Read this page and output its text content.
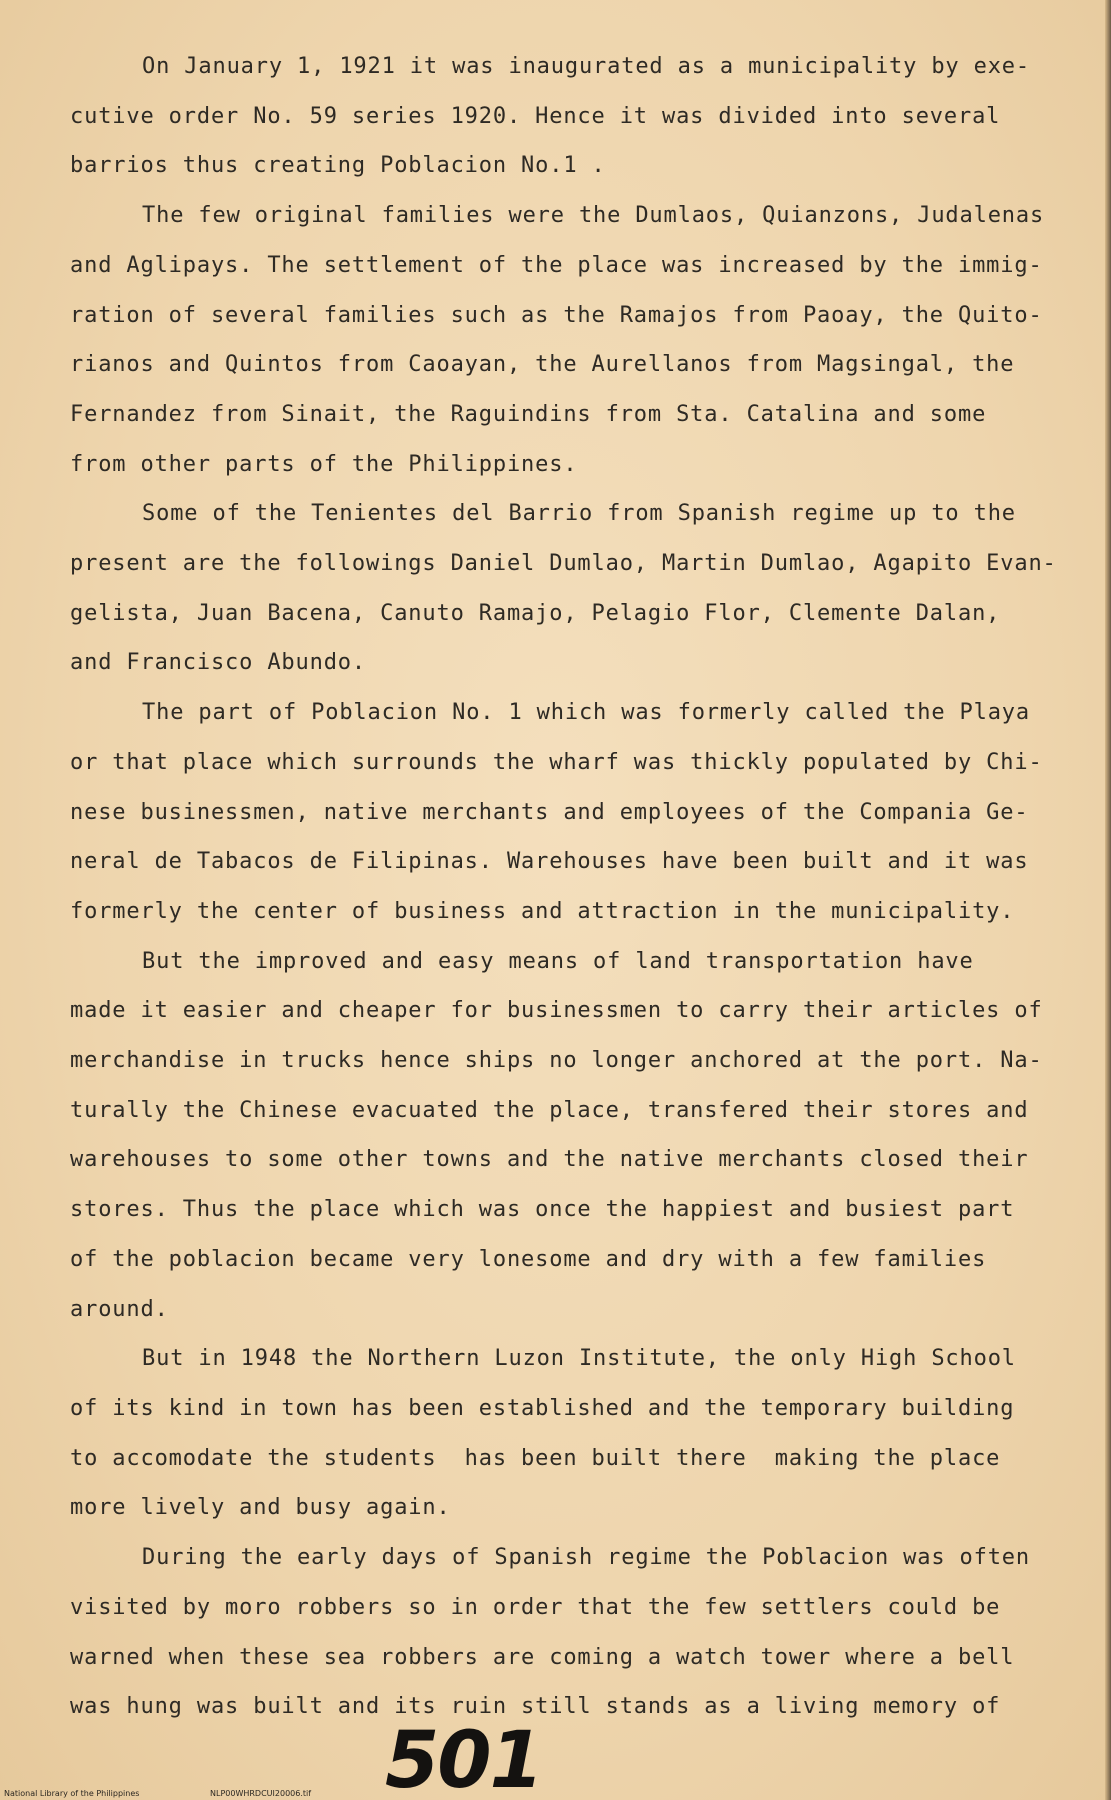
On January 1, 1921 it was inaugurated as a municipality by exe-
cutive order No. 59 series 1920. Hence it was divided into several
barrios thus creating Poblacion No.1 .
The few original families were the Dumlaos, Quianzons, Judalenas
and Aglipays. The settlement of the place was increased by the immig-
ration of several families such as the Ramajos from Paoay, the Quito-
rianos and Quintos from Caoayan, the Aurellanos from Magsingal, the
Fernandez from Sinait, the Raguindins from Sta. Catalina and some
from other parts of the Philippines.
Some of the Tenientes del Barrio from Spanish regime up to the
present are the followings Daniel Dumlao, Martin Dumlao, Agapito Evan-
gelista, Juan Bacena, Canuto Ramajo, Pelagio Flor, Clemente Dalan,
and Francisco Abundo.
The part of Poblacion No. 1 which was formerly called the Playa
or that place which surrounds the wharf was thickly populated by Chi-
nese businessmen, native merchants and employees of the Compania Ge-
neral de Tabacos de Filipinas. Warehouses have been built and it was
formerly the center of business and attraction in the municipality.
But the improved and easy means of land transportation have
made it easier and cheaper for businessmen to carry their articles of
merchandise in trucks hence ships no longer anchored at the port. Na-
turally the Chinese evacuated the place, transfered their stores and
warehouses to some other towns and the native merchants closed their
stores. Thus the place which was once the happiest and busiest part
of the poblacion became very lonesome and dry with a few families
around.
But in 1948 the Northern Luzon Institute, the only High School
of its kind in town has been established and the temporary building
to accomodate the students  has been built there  making the place
more lively and busy again.
During the early days of Spanish regime the Poblacion was often
visited by moro robbers so in order that the few settlers could be
warned when these sea robbers are coming a watch tower where a bell
was hung was built and its ruin still stands as a living memory of
501
National Library of the Philippines	NLP00WHRDCUI20006.tif
